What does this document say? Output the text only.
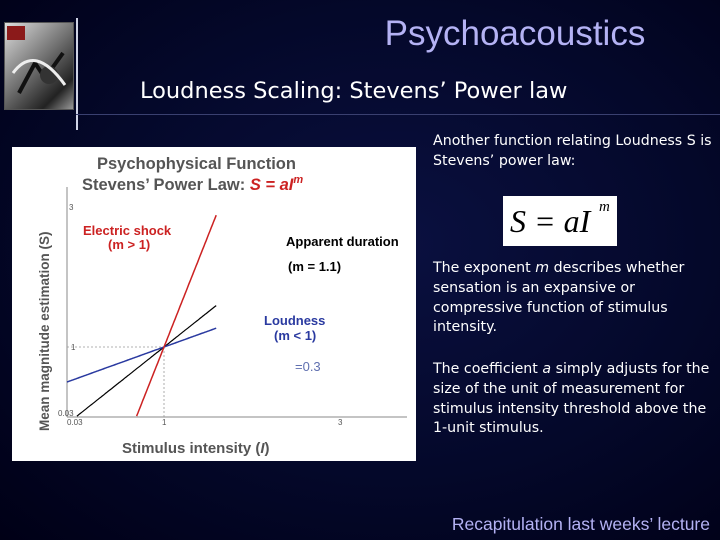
Psychoacoustics
Loudness Scaling: Stevens’ Power law
Psychophysical Function
Stevens’ Power Law: $S = aI^m$
Mean magnitude estimation (S)
Stimulus intensity (I)
0.03	1	3
0.03
1
3
Electric shock
(m > 1)	Apparent duration
(m = 1.1)
Loudness
(m < 1)
=0.3
Another function relating Loudness S is Stevens’ power law:
S = aI m
The exponent m describes whether sensation is an expansive or compressive function of stimulus intensity.
The coefficient a simply adjusts for the size of the unit of measurement for stimulus intensity threshold above the 1-unit stimulus.
Recapitulation last weeks’ lecture
